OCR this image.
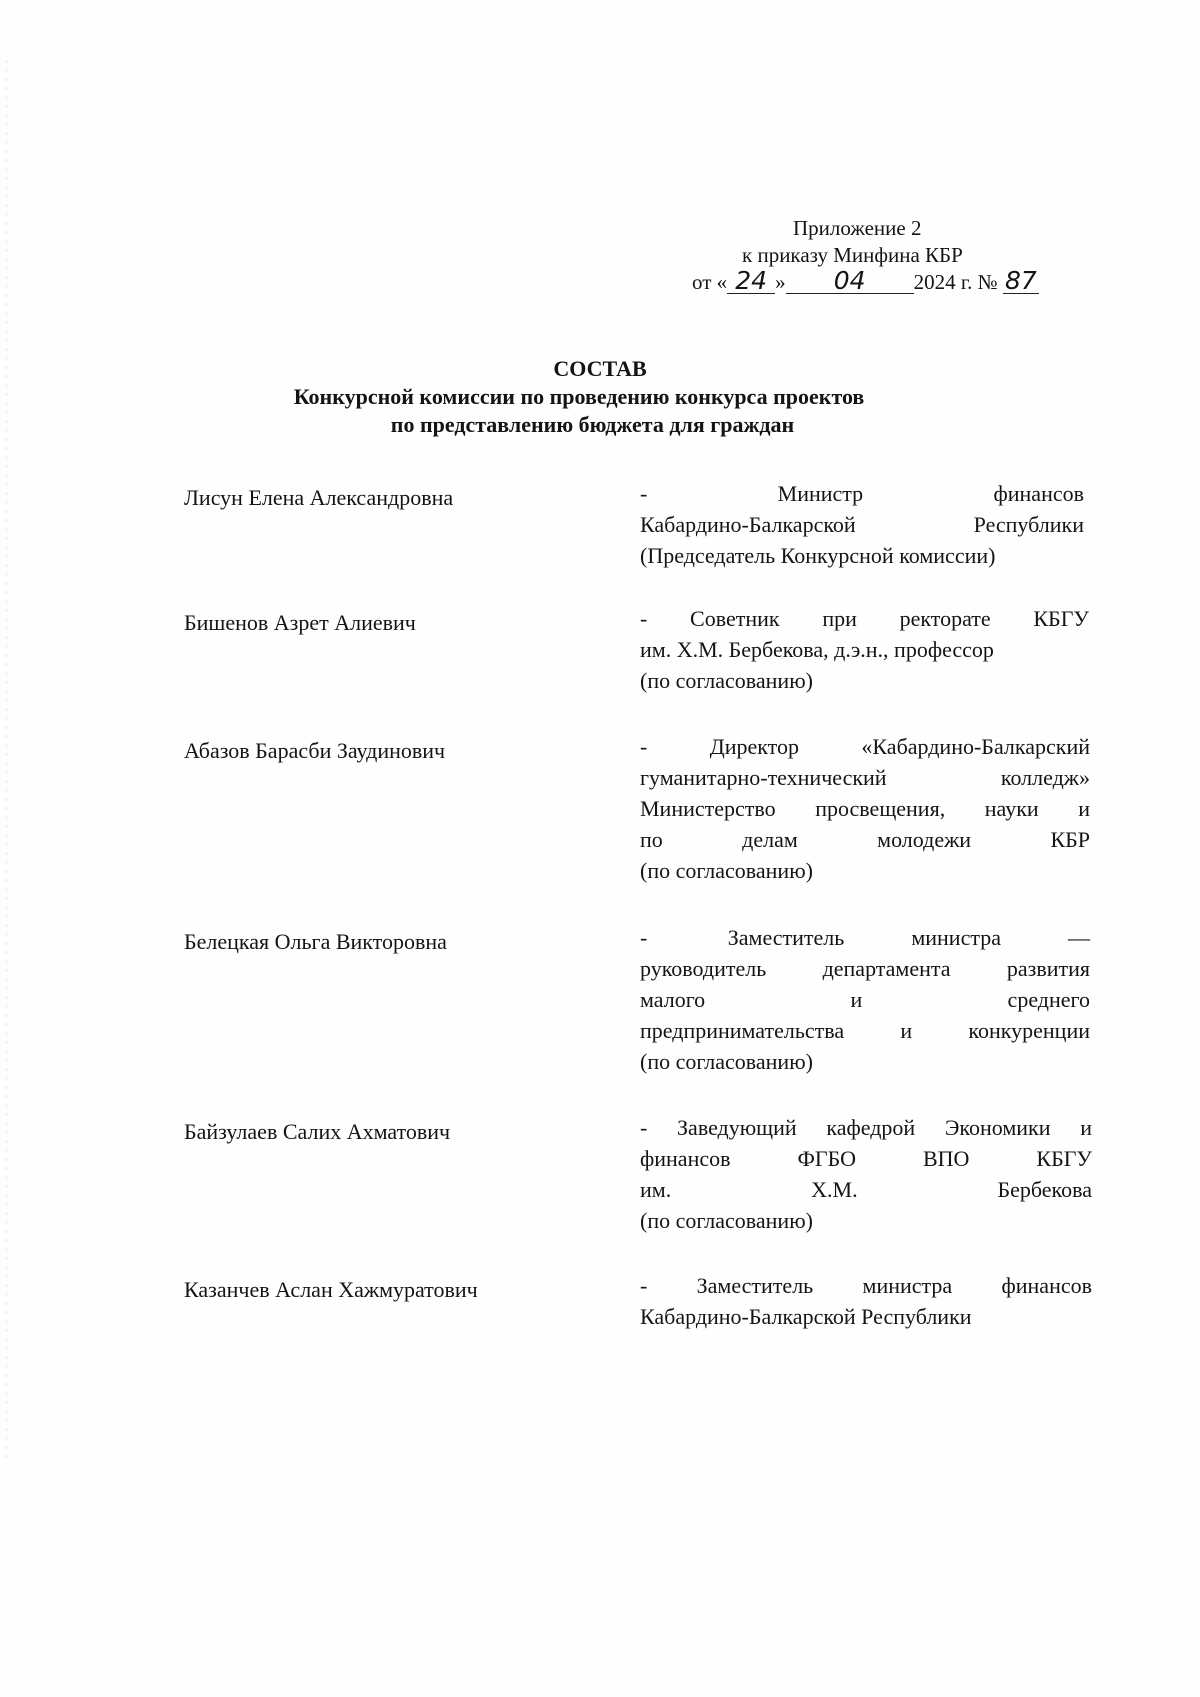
Приложение 2
к приказу Минфина КБР
от « 24 » 04 2024 г. № 87
СОСТАВ
Конкурсной комиссии по проведению конкурса проектов
по представлению бюджета для граждан
Лисун Елена Александровна	-         Министр         финансов
Кабардино-Балкарской Республики
(Председатель Конкурсной комиссии)
Бишенов Азрет Алиевич	- Советник при ректорате КБГУ
им. Х.М. Бербекова, д.э.н., профессор
(по согласованию)
Абазов Барасби Заудинович	- Директор «Кабардино-Балкарский
гуманитарно-технический колледж»
Министерство просвещения, науки и
по делам молодежи КБР
(по согласованию)
Белецкая Ольга Викторовна	-      Заместитель     министра     —
руководитель департамента развития
малого и среднего
предпринимательства и конкуренции
(по согласованию)
Байзулаев Салих Ахматович	- Заведующий кафедрой Экономики и
финансов ФГБО ВПО КБГУ
им. Х.М. Бербекова
(по согласованию)
Казанчев Аслан Хажмуратович	- Заместитель министра финансов
Кабардино-Балкарской Республики
